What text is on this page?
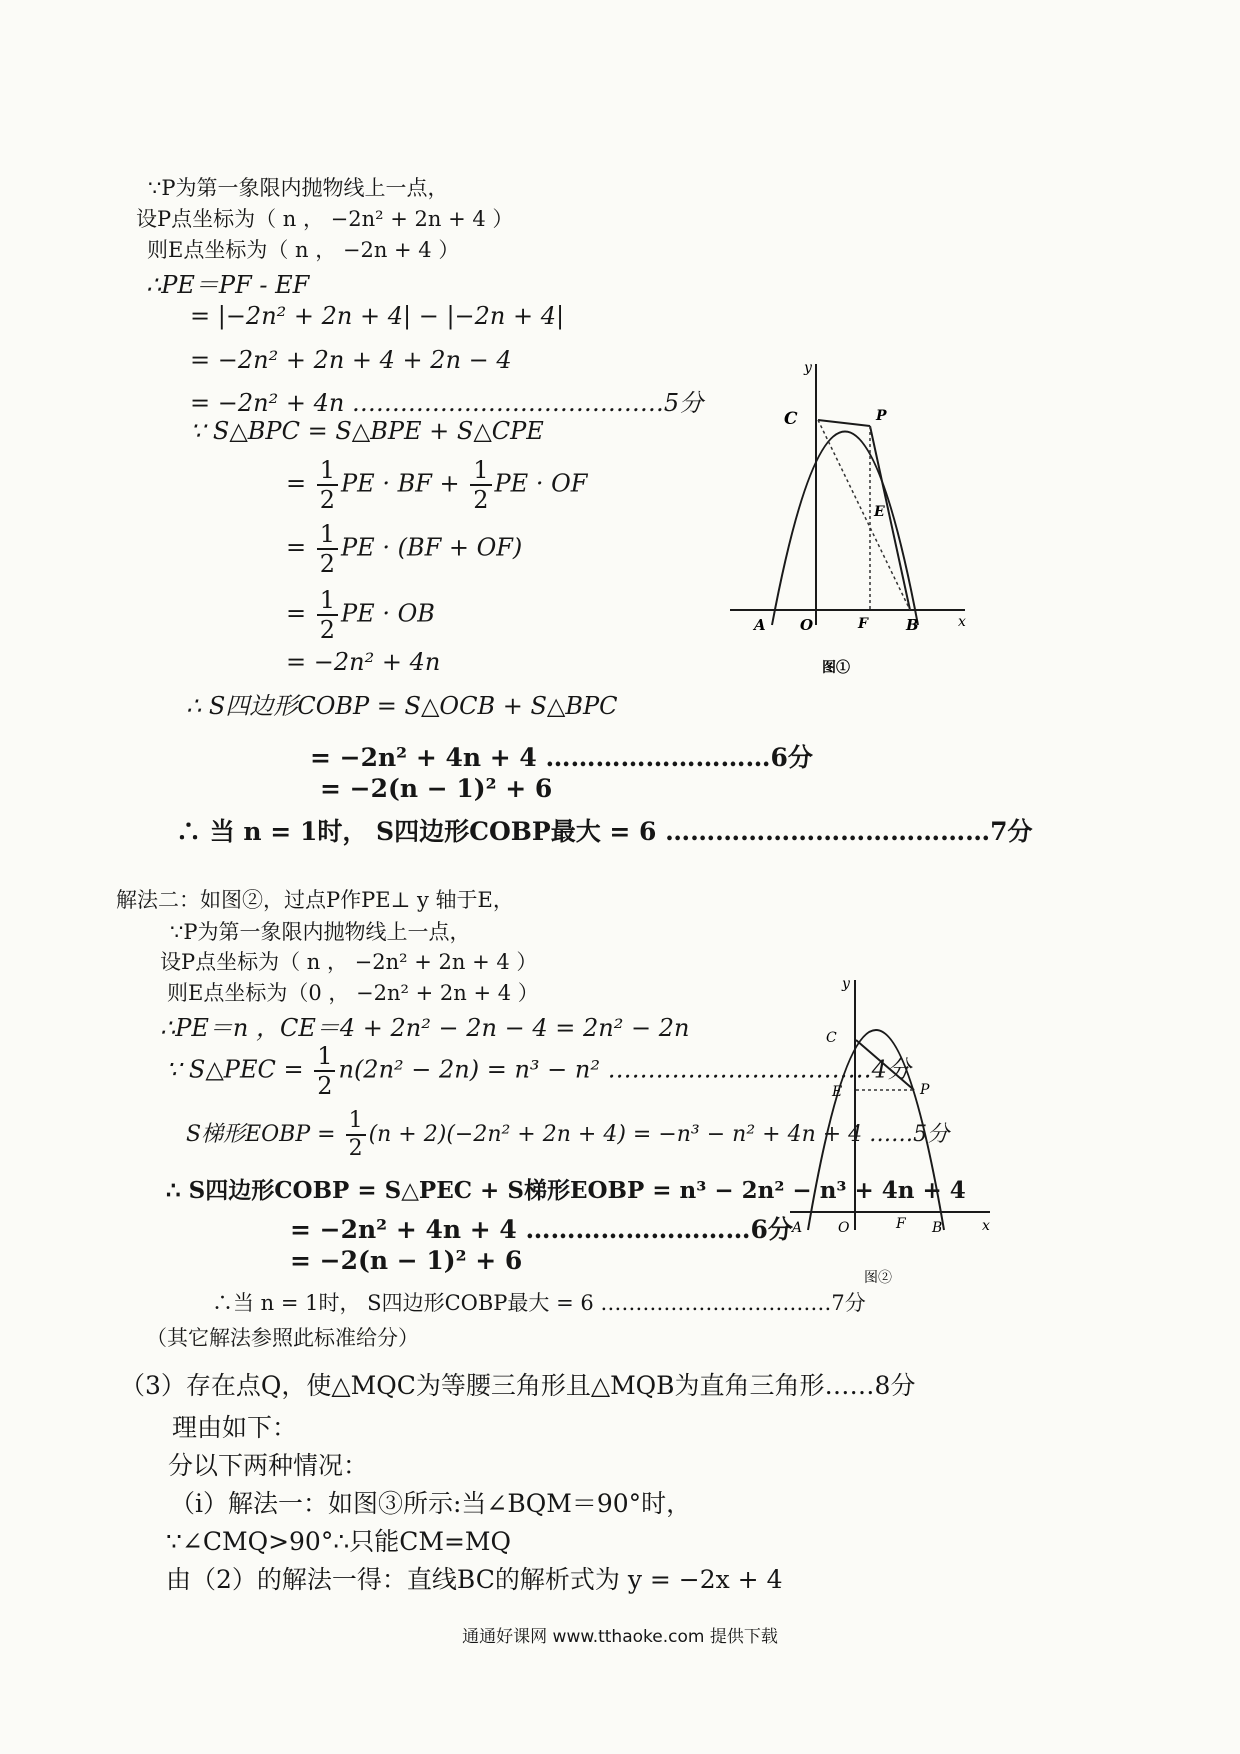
∵P为第一象限内抛物线上一点，
设P点坐标为（ n ， −2n² + 2n + 4 ）
则E点坐标为（ n ， −2n + 4 ）
∴PE＝PF - EF
= |−2n² + 2n + 4| − |−2n + 4|
= −2n² + 2n + 4 + 2n − 4
= −2n² + 4n …………………………………5分
∵ S△BPC = S△BPE + S△CPE
= $\frac{1}{2}$ PE · BF + $\frac{1}{2}$ PE · OF
= $\frac{1}{2}$ PE · (BF + OF)
= $\frac{1}{2}$ PE · OB
= −2n² + 4n
∴ S四边形COBP = S△OCB + S△BPC
= −2n² + 4n + 4 ………………………6分
= −2(n − 1)² + 6
∴ 当 n = 1时， S四边形COBP最大 = 6 …………………………………7分
y
C	P
E
A O	F	B	x
图①
解法二：如图②，过点P作PE⊥ y 轴于E，
∵P为第一象限内抛物线上一点，
设P点坐标为（ n ， −2n² + 2n + 4 ）
则E点坐标为（0 ， −2n² + 2n + 4 ）
∴PE＝n ，CE＝4 + 2n² − 2n − 4 = 2n² − 2n
∵ S△PEC = $\frac{1}{2} n(2n^2 - 2n) = n^3 - n^2$ ……………………………4分
S梯形EOBP = $\frac{1}{2} (n + 2)(-2n^2 + 2n + 4) = -n^3 - n^2 + 4n + 4$ ……5分
∴ S四边形COBP = S△PEC + S梯形EOBP = n³ − 2n² − n³ + 4n + 4
= −2n² + 4n + 4 ………………………6分
= −2(n − 1)² + 6
∴当 n = 1时， S四边形COBP最大 = 6 ……………………………7分
（其它解法参照此标准给分）
y
C
E	P
A	O	F B	x
图②
（3）存在点Q，使△MQC为等腰三角形且△MQB为直角三角形……8分
理由如下：
分以下两种情况：
（ⅰ）解法一：如图③所示:当∠BQM＝90°时，
∵∠CMQ>90°∴只能CM=MQ
由（2）的解法一得：直线BC的解析式为 y = −2x + 4
通通好课网 www.tthaoke.com 提供下载
